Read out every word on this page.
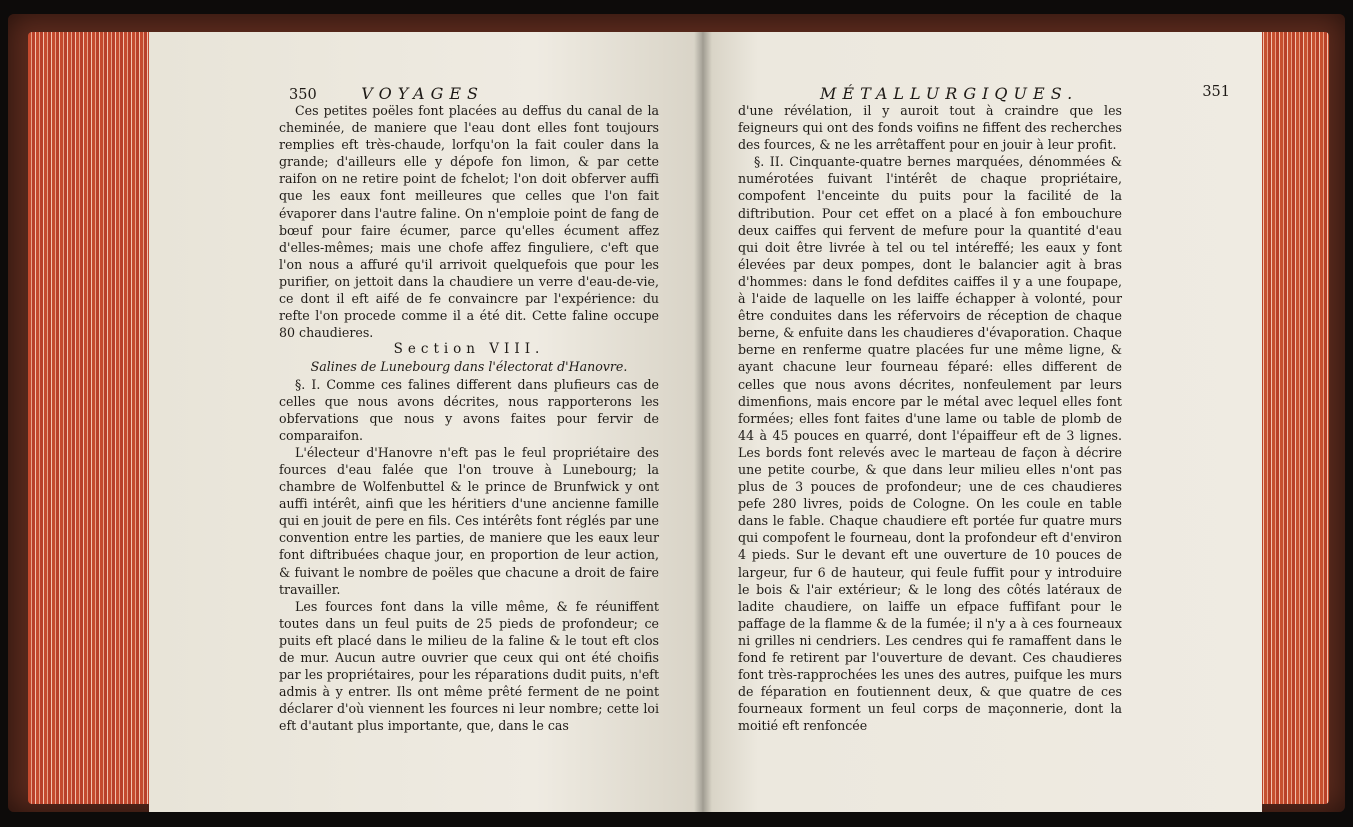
350	VOYAGES

Ces petites poëles font placées au deffus du canal de la cheminée, de maniere que l'eau dont elles font toujours remplies eft très-chaude, lorfqu'on la fait couler dans la grande; d'ailleurs elle y dépofe fon limon, & par cette raifon on ne retire point de fchelot; l'on doit obferver auffi que les eaux font meilleures que celles que l'on fait évaporer dans l'autre faline. On n'emploie point de fang de bœuf pour faire écumer, parce qu'elles écument affez d'elles-mêmes; mais une chofe affez finguliere, c'eft que l'on nous a affuré qu'il arrivoit quelquefois que pour les purifier, on jettoit dans la chaudiere un verre d'eau-de-vie, ce dont il eft aifé de fe convaincre par l'expérience: du refte l'on procede comme il a été dit. Cette faline occupe 80 chaudieres.

Section VIII.

Salines de Lunebourg dans l'électorat d'Hanovre.

§. I. Comme ces falines different dans plufieurs cas de celles que nous avons décrites, nous rapporterons les obfervations que nous y avons faites pour fervir de comparaifon.

L'électeur d'Hanovre n'eft pas le feul propriétaire des fources d'eau falée que l'on trouve à Lunebourg; la chambre de Wolfenbuttel & le prince de Brunfwick y ont auffi intérêt, ainfi que les héritiers d'une ancienne famille qui en jouit de pere en fils. Ces intérêts font réglés par une convention entre les parties, de maniere que les eaux leur font diftribuées chaque jour, en proportion de leur action, & fuivant le nombre de poëles que chacune a droit de faire travailler.

Les fources font dans la ville même, & fe réuniffent toutes dans un feul puits de 25 pieds de profondeur; ce puits eft placé dans le milieu de la faline & le tout eft clos de mur. Aucun autre ouvrier que ceux qui ont été choifis par les propriétaires, pour les réparations dudit puits, n'eft admis à y entrer. Ils ont même prêté ferment de ne point déclarer d'où viennent les fources ni leur nombre; cette loi eft d'autant plus importante, que, dans le cas

MÉTALLURGIQUES.	351

d'une révélation, il y auroit tout à craindre que les feigneurs qui ont des fonds voifins ne fiffent des recherches des fources, & ne les arrêtaffent pour en jouir à leur profit.

§. II. Cinquante-quatre bernes marquées, dénommées & numérotées fuivant l'intérêt de chaque propriétaire, compofent l'enceinte du puits pour la facilité de la diftribution. Pour cet effet on a placé à fon embouchure deux caiffes qui fervent de mefure pour la quantité d'eau qui doit être livrée à tel ou tel intéreffé; les eaux y font élevées par deux pompes, dont le balancier agit à bras d'hommes: dans le fond defdites caiffes il y a une foupape, à l'aide de laquelle on les laiffe échapper à volonté, pour être conduites dans les réfervoirs de réception de chaque berne, & enfuite dans les chaudieres d'évaporation. Chaque berne en renferme quatre placées fur une même ligne, & ayant chacune leur fourneau féparé: elles different de celles que nous avons décrites, nonfeulement par leurs dimenfions, mais encore par le métal avec lequel elles font formées; elles font faites d'une lame ou table de plomb de 44 à 45 pouces en quarré, dont l'épaiffeur eft de 3 lignes. Les bords font relevés avec le marteau de façon à décrire une petite courbe, & que dans leur milieu elles n'ont pas plus de 3 pouces de profondeur; une de ces chaudieres pefe 280 livres, poids de Cologne. On les coule en table dans le fable. Chaque chaudiere eft portée fur quatre murs qui compofent le fourneau, dont la profondeur eft d'environ 4 pieds. Sur le devant eft une ouverture de 10 pouces de largeur, fur 6 de hauteur, qui feule fuffit pour y introduire le bois & l'air extérieur; & le long des côtés latéraux de ladite chaudiere, on laiffe un efpace fuffifant pour le paffage de la flamme & de la fumée; il n'y a à ces fourneaux ni grilles ni cendriers. Les cendres qui fe ramaffent dans le fond fe retirent par l'ouverture de devant. Ces chaudieres font très-rapprochées les unes des autres, puifque les murs de féparation en foutiennent deux, & que quatre de ces fourneaux forment un feul corps de maçonnerie, dont la moitié eft renfoncée
